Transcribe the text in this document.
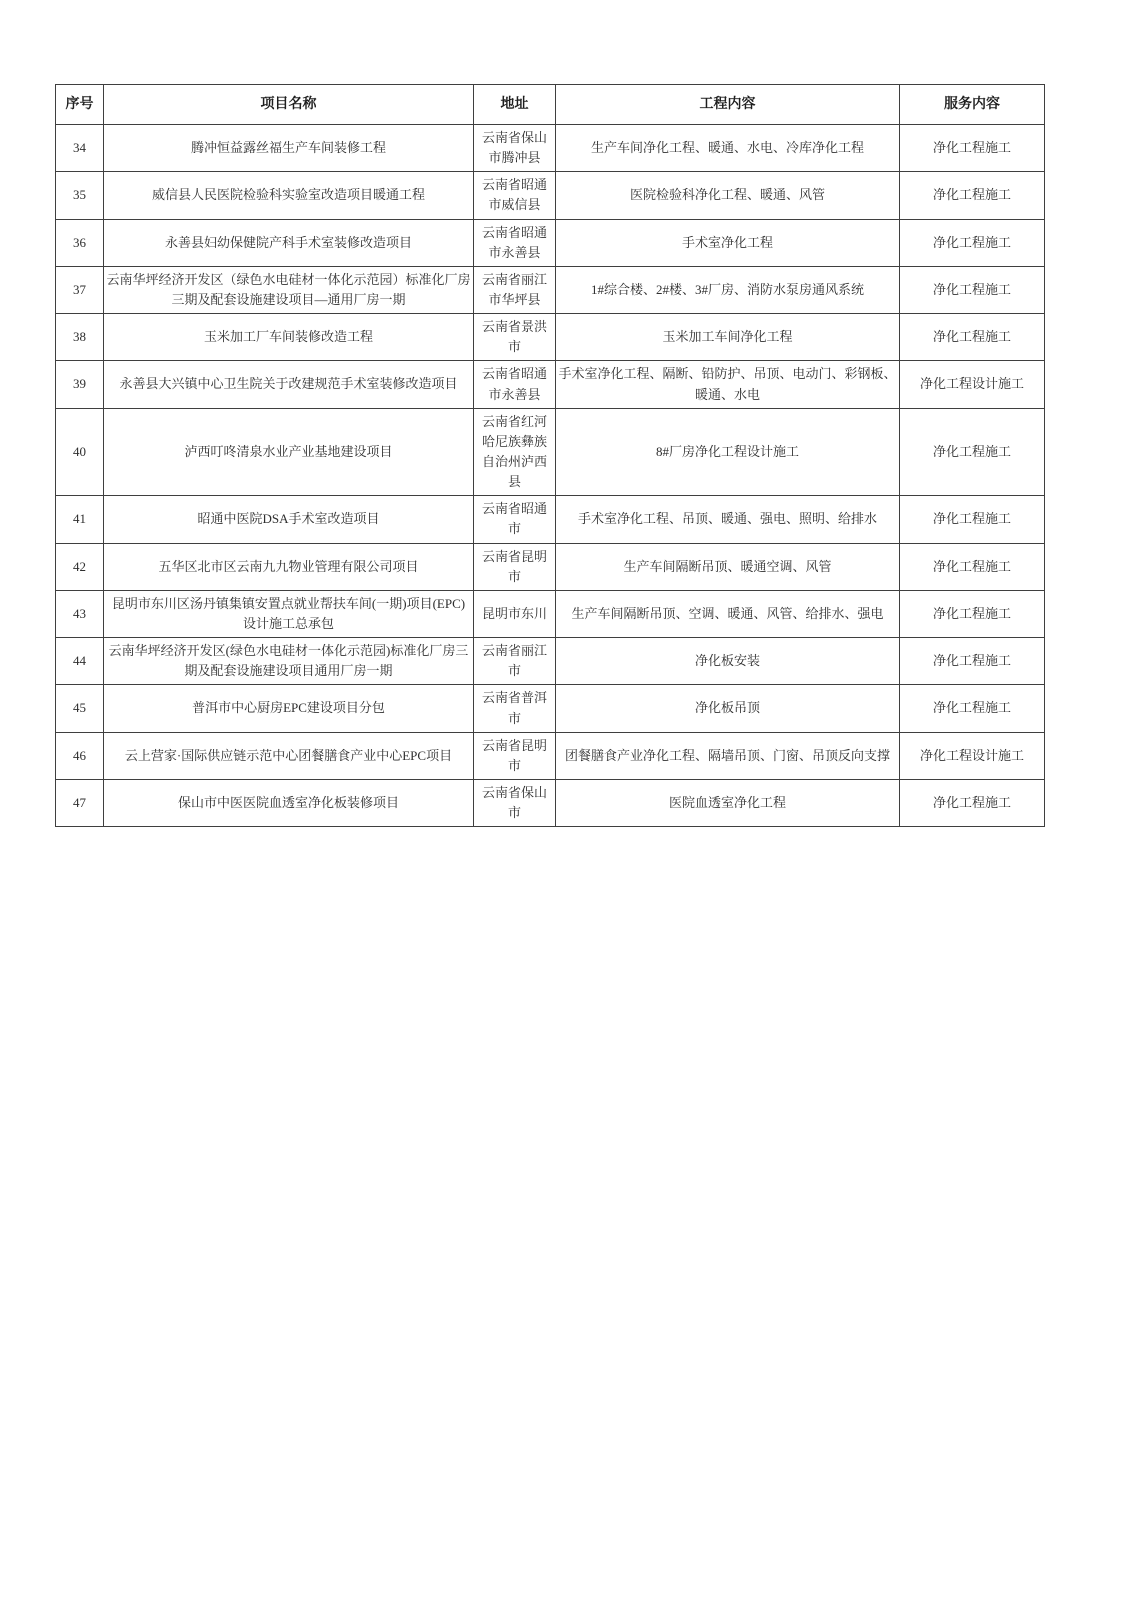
序号	项目名称	地址	工程内容	服务内容
34	腾冲恒益露丝福生产车间装修工程	云南省保山市腾冲县	生产车间净化工程、暖通、水电、冷库净化工程	净化工程施工
35	威信县人民医院检验科实验室改造项目暖通工程	云南省昭通市威信县	医院检验科净化工程、暖通、风管	净化工程施工
36	永善县妇幼保健院产科手术室装修改造项目	云南省昭通市永善县	手术室净化工程	净化工程施工
37	云南华坪经济开发区（绿色水电硅材一体化示范园）标准化厂房三期及配套设施建设项目—通用厂房一期	云南省丽江市华坪县	1#综合楼、2#楼、3#厂房、消防水泵房通风系统	净化工程施工
38	玉米加工厂车间装修改造工程	云南省景洪市	玉米加工车间净化工程	净化工程施工
39	永善县大兴镇中心卫生院关于改建规范手术室装修改造项目	云南省昭通市永善县	手术室净化工程、隔断、铅防护、吊顶、电动门、彩钢板、暖通、水电	净化工程设计施工
40	泸西叮咚清泉水业产业基地建设项目	云南省红河哈尼族彝族自治州泸西县	8#厂房净化工程设计施工	净化工程施工
41	昭通中医院DSA手术室改造项目	云南省昭通市	手术室净化工程、吊顶、暖通、强电、照明、给排水	净化工程施工
42	五华区北市区云南九九物业管理有限公司项目	云南省昆明市	生产车间隔断吊顶、暖通空调、风管	净化工程施工
43	昆明市东川区汤丹镇集镇安置点就业帮扶车间(一期)项目(EPC)设计施工总承包	昆明市东川	生产车间隔断吊顶、空调、暖通、风管、给排水、强电	净化工程施工
44	云南华坪经济开发区(绿色水电硅材一体化示范园)标准化厂房三期及配套设施建设项目通用厂房一期	云南省丽江市	净化板安装	净化工程施工
45	普洱市中心厨房EPC建设项目分包	云南省普洱市	净化板吊顶	净化工程施工
46	云上营家·国际供应链示范中心团餐膳食产业中心EPC项目	云南省昆明市	团餐膳食产业净化工程、隔墙吊顶、门窗、吊顶反向支撑	净化工程设计施工
47	保山市中医医院血透室净化板装修项目	云南省保山市	医院血透室净化工程	净化工程施工
